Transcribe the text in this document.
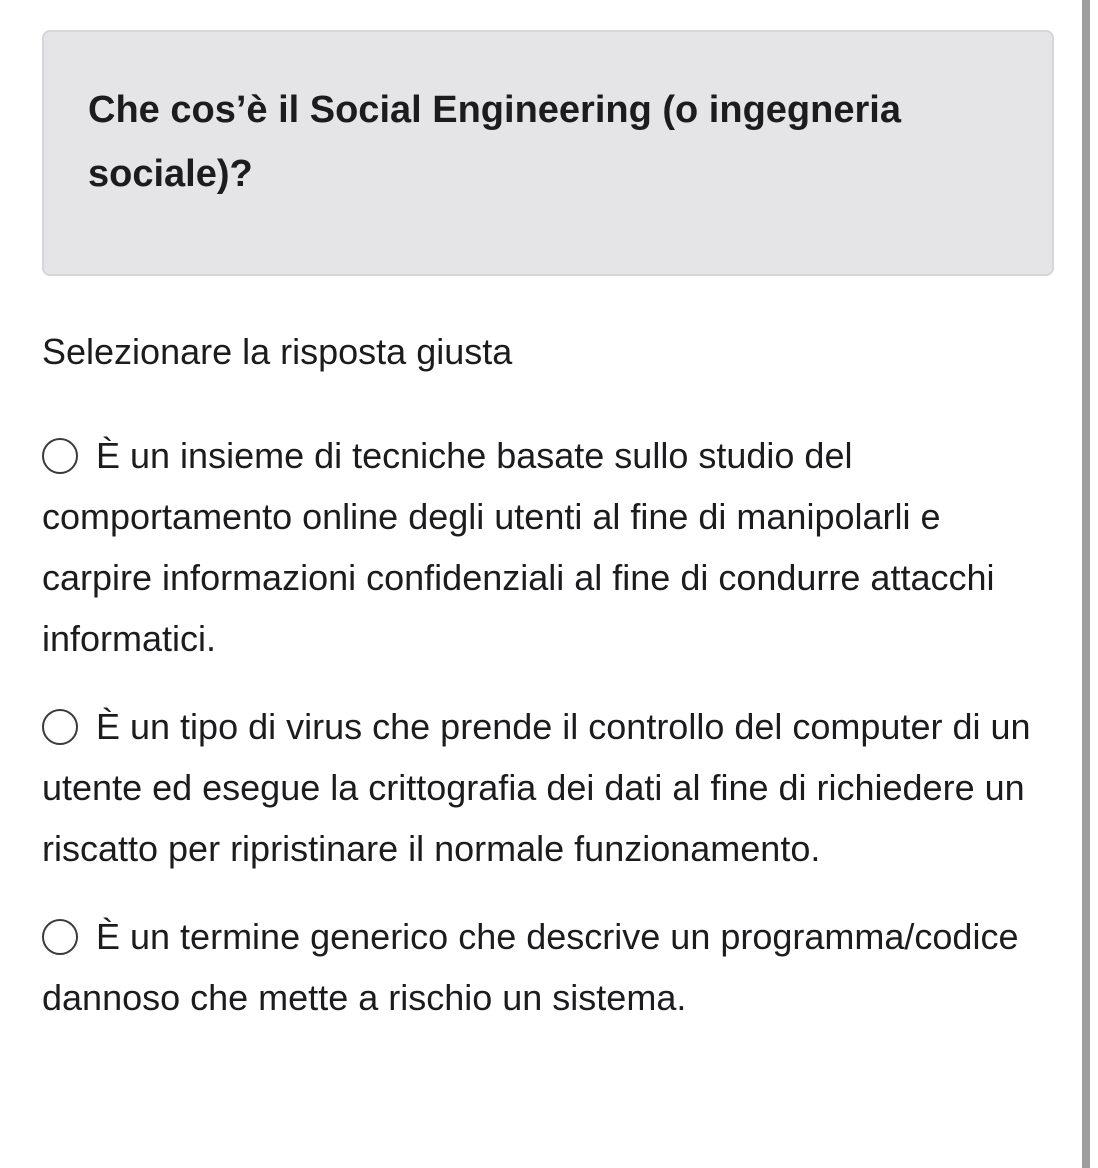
Che cos’è il Social Engineering (o ingegneria sociale)?

Selezionare la risposta giusta

È un insieme di tecniche basate sullo studio del comportamento online degli utenti al fine di manipolarli e carpire informazioni confidenziali al fine di condurre attacchi informatici.

È un tipo di virus che prende il controllo del computer di un utente ed esegue la crittografia dei dati al fine di richiedere un riscatto per ripristinare il normale funzionamento.

È un termine generico che descrive un programma/codice dannoso che mette a rischio un sistema.
